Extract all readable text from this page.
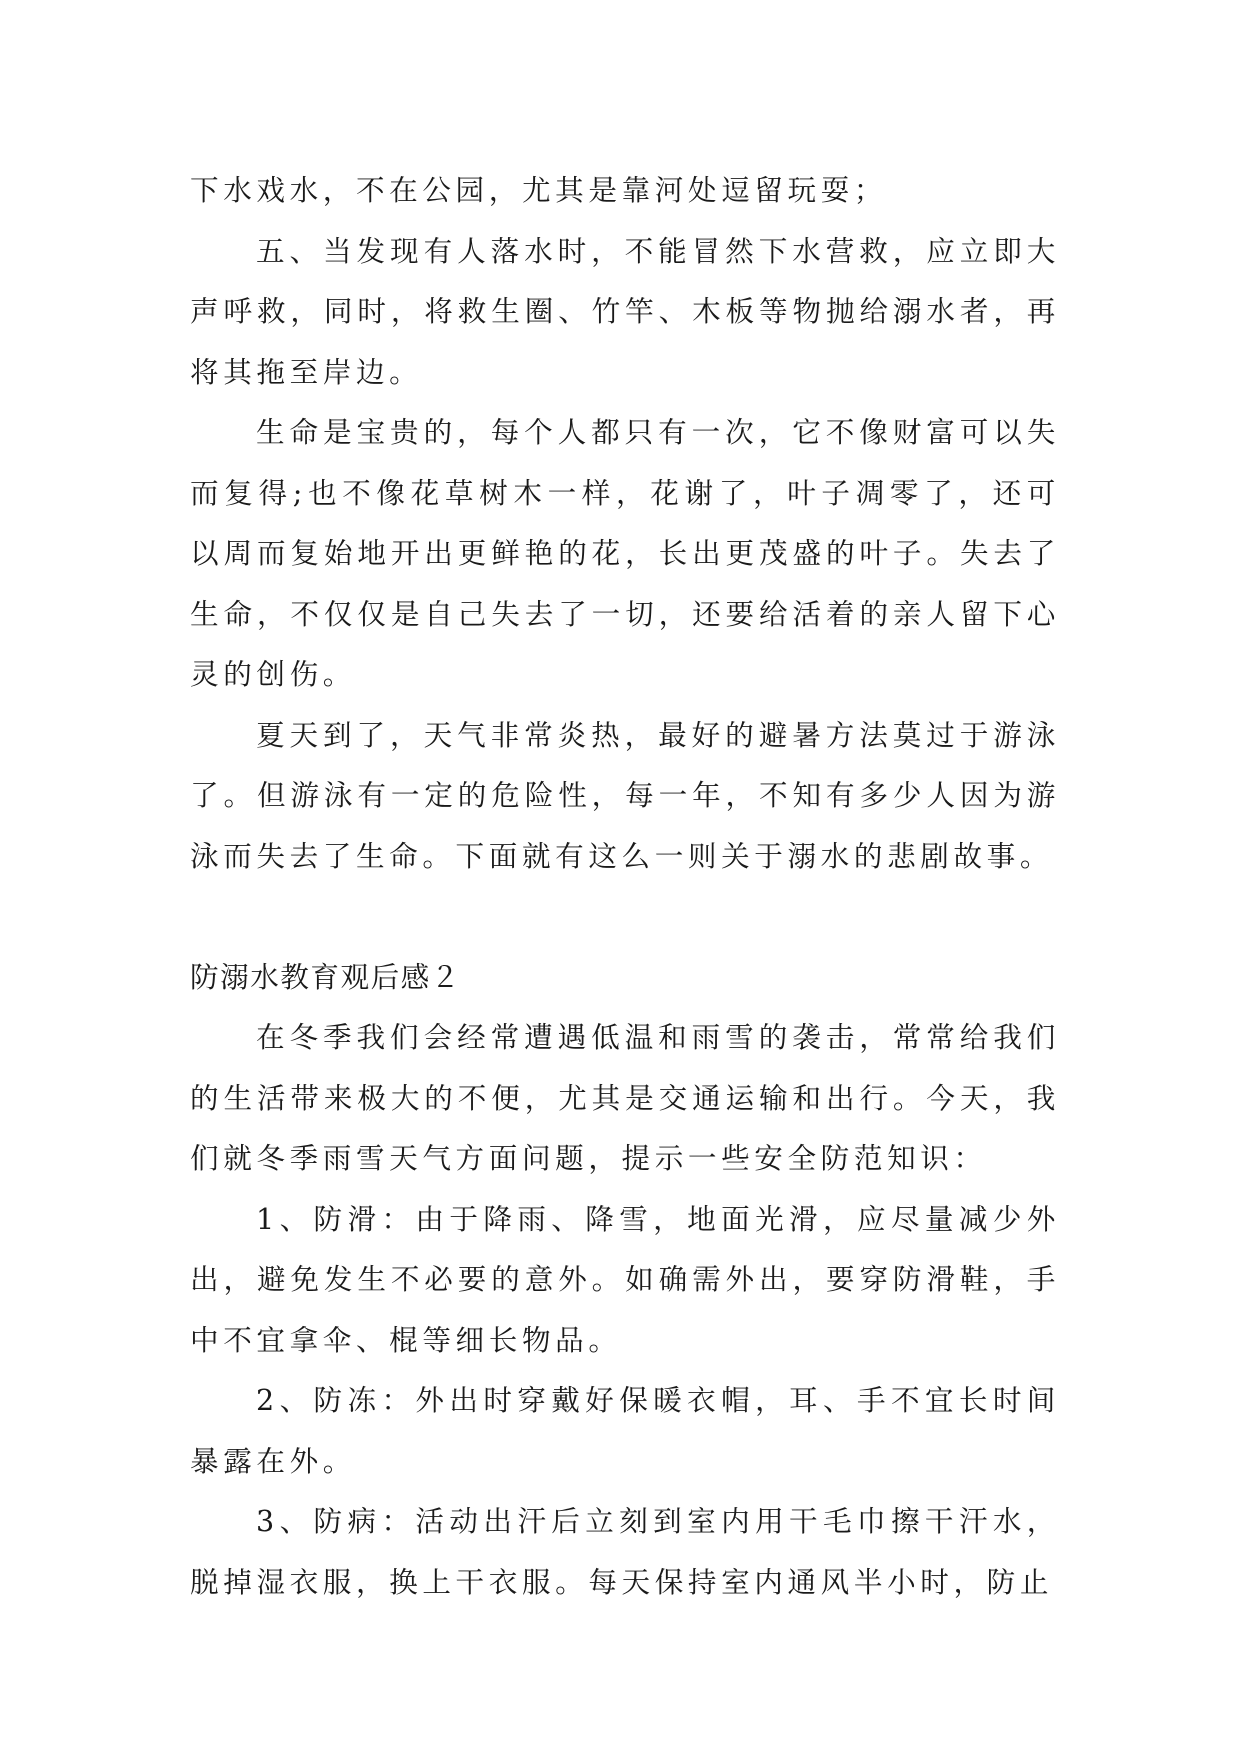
下水戏水，不在公园，尤其是靠河处逗留玩耍；

五、当发现有人落水时，不能冒然下水营救，应立即大声呼救，同时，将救生圈、竹竿、木板等物抛给溺水者，再将其拖至岸边。

生命是宝贵的，每个人都只有一次，它不像财富可以失而复得;也不像花草树木一样，花谢了，叶子凋零了，还可以周而复始地开出更鲜艳的花，长出更茂盛的叶子。失去了生命，不仅仅是自己失去了一切，还要给活着的亲人留下心灵的创伤。

夏天到了，天气非常炎热，最好的避暑方法莫过于游泳了。但游泳有一定的危险性，每一年，不知有多少人因为游泳而失去了生命。下面就有这么一则关于溺水的悲剧故事。

防溺水教育观后感２

在冬季我们会经常遭遇低温和雨雪的袭击，常常给我们的生活带来极大的不便，尤其是交通运输和出行。今天，我们就冬季雨雪天气方面问题，提示一些安全防范知识：

1、防滑：由于降雨、降雪，地面光滑，应尽量减少外出，避免发生不必要的意外。如确需外出，要穿防滑鞋，手中不宜拿伞、棍等细长物品。

2、防冻：外出时穿戴好保暖衣帽，耳、手不宜长时间暴露在外。

3、防病：活动出汗后立刻到室内用干毛巾擦干汗水，脱掉湿衣服，换上干衣服。每天保持室内通风半小时，防止
